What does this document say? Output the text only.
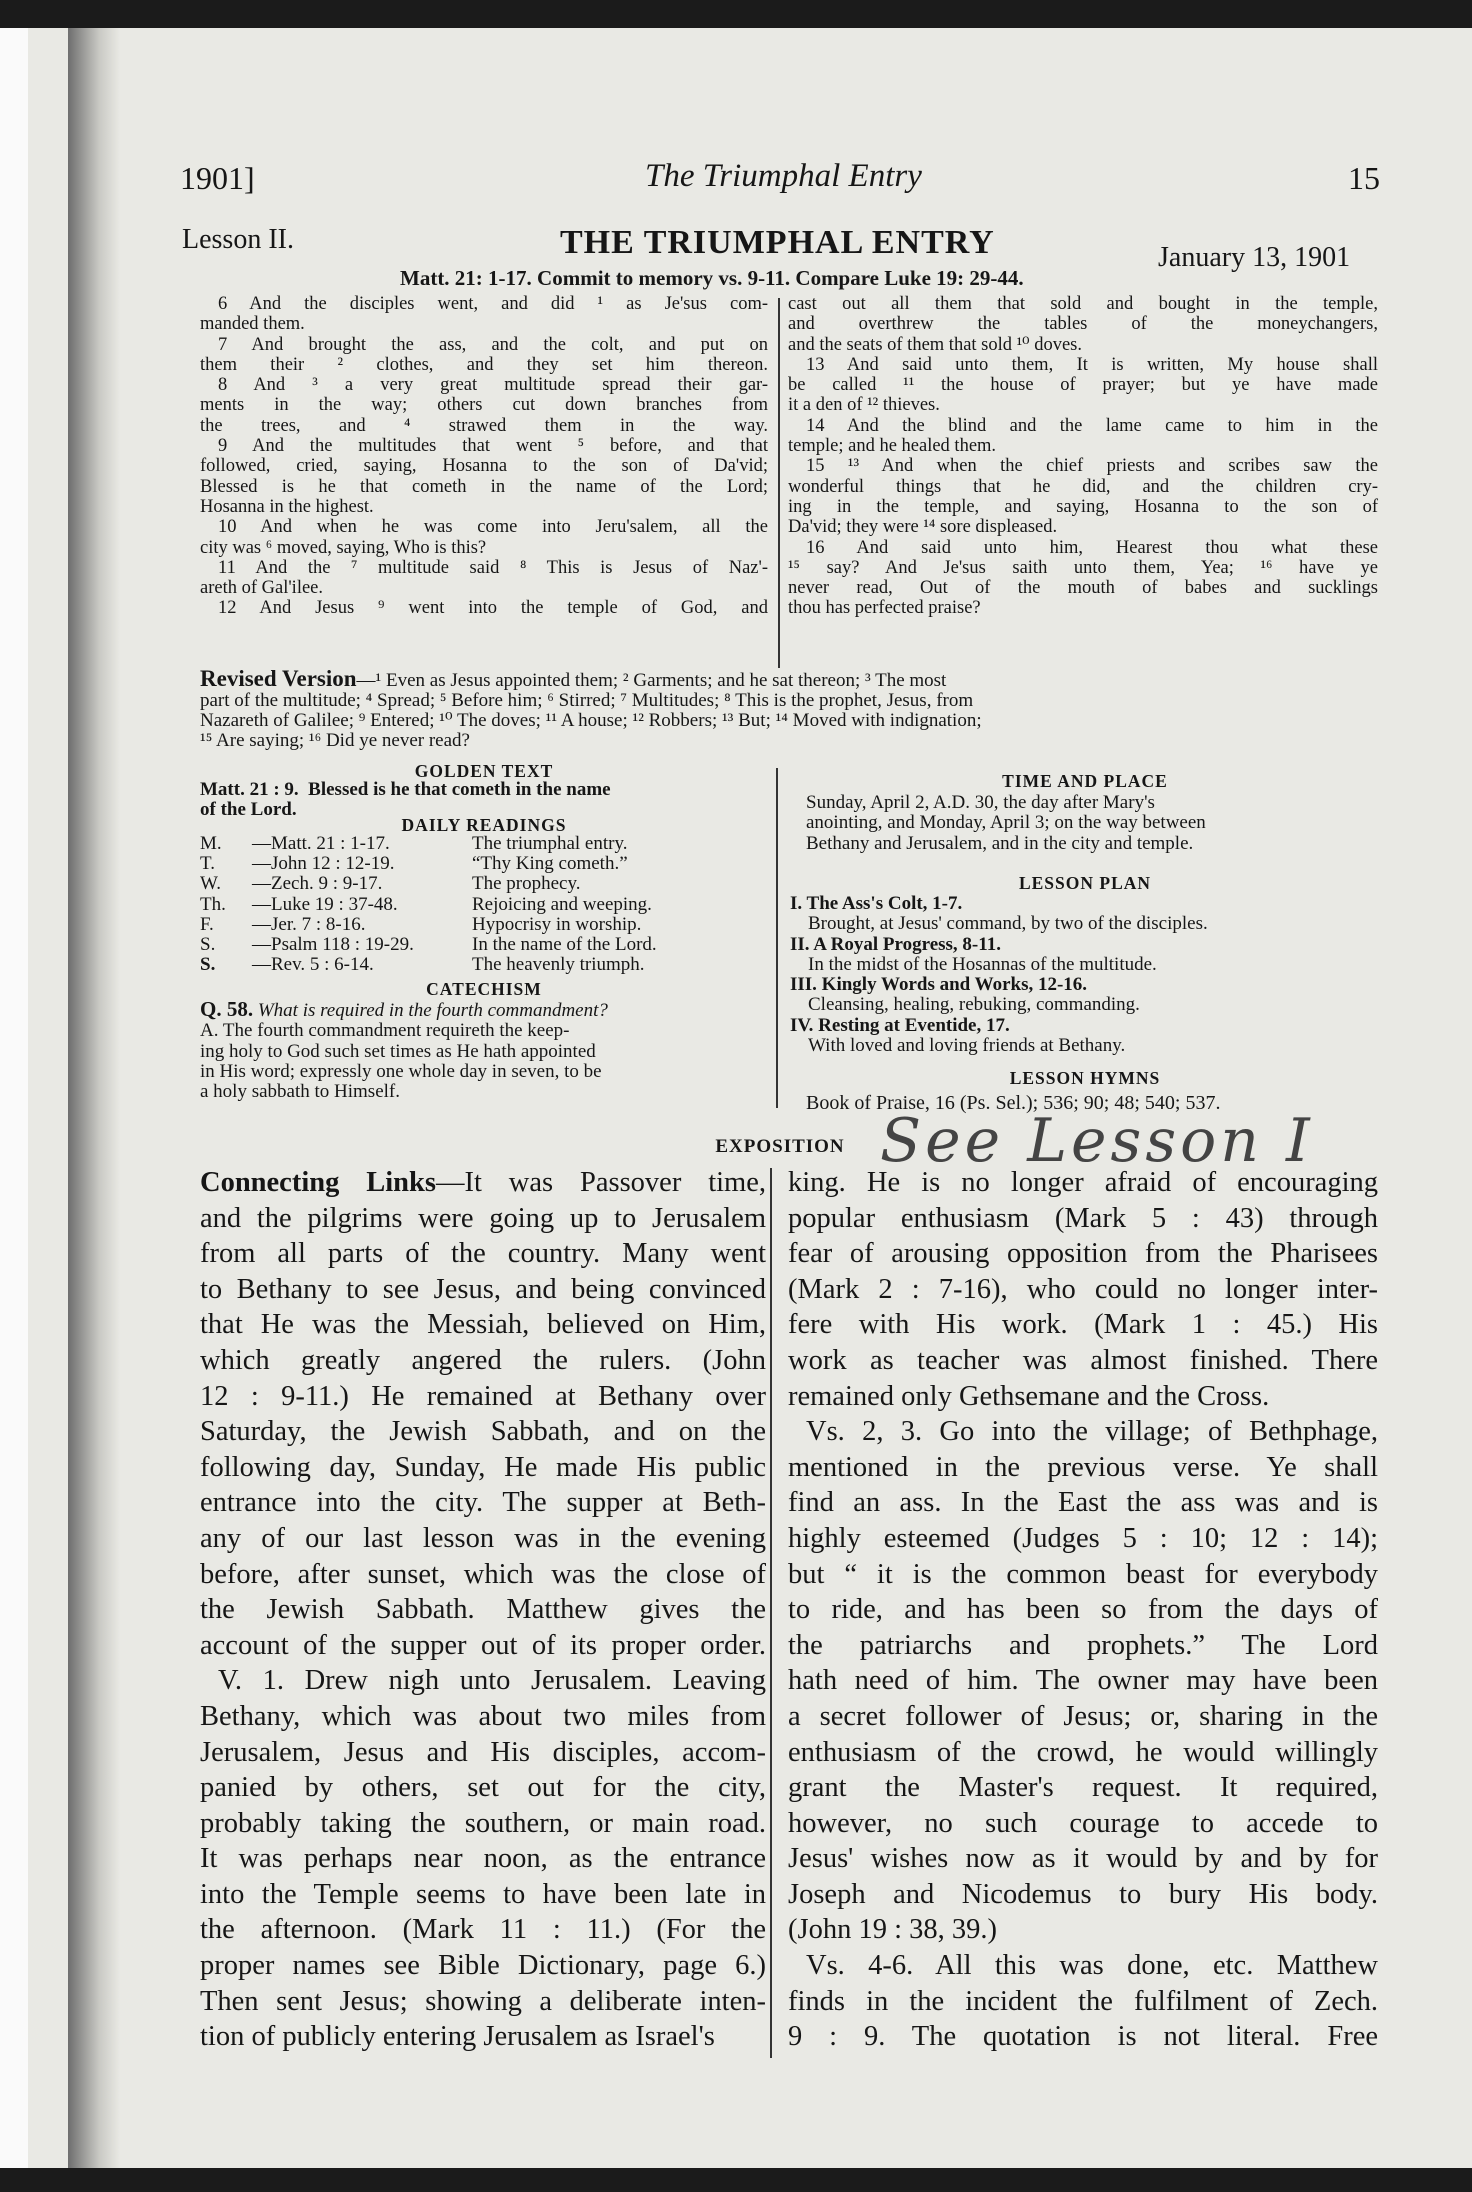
1901]	The Triumphal Entry	15
Lesson II.	THE TRIUMPHAL ENTRY	January 13, 1901
Matt. 21: 1-17. Commit to memory vs. 9-11. Compare Luke 19: 29-44.

6 And the disciples went, and did ¹ as Je'sus com-

manded them.

7 And brought the ass, and the colt, and put on

them their ² clothes, and they set him thereon.

8 And ³ a very great multitude spread their gar-

ments in the way; others cut down branches from

the trees, and ⁴ strawed them in the way.

9 And the multitudes that went ⁵ before, and that

followed, cried, saying, Hosanna to the son of Da'vid;

Blessed is he that cometh in the name of the Lord;

Hosanna in the highest.

10 And when he was come into Jeru'salem, all the

city was ⁶ moved, saying, Who is this?

11 And the ⁷ multitude said ⁸ This is Jesus of Naz'-

areth of Gal'ilee.

12 And Jesus ⁹ went into the temple of God, and

cast out all them that sold and bought in the temple,

and overthrew the tables of the moneychangers,

and the seats of them that sold ¹⁰ doves.

13 And said unto them, It is written, My house shall

be called ¹¹ the house of prayer; but ye have made

it a den of ¹² thieves.

14 And the blind and the lame came to him in the

temple; and he healed them.

15 ¹³ And when the chief priests and scribes saw the

wonderful things that he did, and the children cry-

ing in the temple, and saying, Hosanna to the son of

Da'vid; they were ¹⁴ sore displeased.

16 And said unto him, Hearest thou what these

¹⁵ say? And Je'sus saith unto them, Yea; ¹⁶ have ye

never read, Out of the mouth of babes and sucklings

thou has perfected praise?

Revised Version—¹ Even as Jesus appointed them; ² Garments; and he sat thereon; ³ The most

part of the multitude; ⁴ Spread; ⁵ Before him; ⁶ Stirred; ⁷ Multitudes; ⁸ This is the prophet, Jesus, from

Nazareth of Galilee; ⁹ Entered; ¹⁰ The doves; ¹¹ A house; ¹² Robbers; ¹³ But; ¹⁴ Moved with indignation;

¹⁵ Are saying; ¹⁶ Did ye never read?

GOLDEN TEXT
Matt. 21 : 9. Blessed is he that cometh in the name
of the Lord.
DAILY READINGS
M.	—Matt. 21 : 1-17.	The triumphal entry.
T.	—John 12 : 12-19.	“Thy King cometh.”
W.	—Zech. 9 : 9-17.	The prophecy.
Th.	—Luke 19 : 37-48.	Rejoicing and weeping.
F.	—Jer. 7 : 8-16.	Hypocrisy in worship.
S.	—Psalm 118 : 19-29.	In the name of the Lord.
S.	—Rev. 5 : 6-14.	The heavenly triumph.
CATECHISM

Q. 58. What is required in the fourth commandment?

A. The fourth commandment requireth the keep-

ing holy to God such set times as He hath appointed

in His word; expressly one whole day in seven, to be

a holy sabbath to Himself.

TIME AND PLACE

Sunday, April 2, A.D. 30, the day after Mary's

anointing, and Monday, April 3; on the way between

Bethany and Jerusalem, and in the city and temple.

LESSON PLAN

I. The Ass's Colt, 1-7.

Brought, at Jesus' command, by two of the disciples.

II. A Royal Progress, 8-11.

In the midst of the Hosannas of the multitude.

III. Kingly Words and Works, 12-16.

Cleansing, healing, rebuking, commanding.

IV. Resting at Eventide, 17.

With loved and loving friends at Bethany.

LESSON HYMNS
Book of Praise, 16 (Ps. Sel.); 536; 90; 48; 540; 537.
EXPOSITION See Lesson I

Connecting Links—It was Passover time,

and the pilgrims were going up to Jerusalem

from all parts of the country. Many went

to Bethany to see Jesus, and being convinced

that He was the Messiah, believed on Him,

which greatly angered the rulers. (John

12 : 9-11.) He remained at Bethany over

Saturday, the Jewish Sabbath, and on the

following day, Sunday, He made His public

entrance into the city. The supper at Beth-

any of our last lesson was in the evening

before, after sunset, which was the close of

the Jewish Sabbath. Matthew gives the

account of the supper out of its proper order.

V. 1. Drew nigh unto Jerusalem. Leaving

Bethany, which was about two miles from

Jerusalem, Jesus and His disciples, accom-

panied by others, set out for the city,

probably taking the southern, or main road.

It was perhaps near noon, as the entrance

into the Temple seems to have been late in

the afternoon. (Mark 11 : 11.) (For the

proper names see Bible Dictionary, page 6.)

Then sent Jesus; showing a deliberate inten-

tion of publicly entering Jerusalem as Israel's

king. He is no longer afraid of encouraging

popular enthusiasm (Mark 5 : 43) through

fear of arousing opposition from the Pharisees

(Mark 2 : 7-16), who could no longer inter-

fere with His work. (Mark 1 : 45.) His

work as teacher was almost finished. There

remained only Gethsemane and the Cross.

Vs. 2, 3. Go into the village; of Bethphage,

mentioned in the previous verse. Ye shall

find an ass. In the East the ass was and is

highly esteemed (Judges 5 : 10; 12 : 14);

but “ it is the common beast for everybody

to ride, and has been so from the days of

the patriarchs and prophets.” The Lord

hath need of him. The owner may have been

a secret follower of Jesus; or, sharing in the

enthusiasm of the crowd, he would willingly

grant the Master's request. It required,

however, no such courage to accede to

Jesus' wishes now as it would by and by for

Joseph and Nicodemus to bury His body.

(John 19 : 38, 39.)

Vs. 4-6. All this was done, etc. Matthew

finds in the incident the fulfilment of Zech.

9 : 9. The quotation is not literal. Free
